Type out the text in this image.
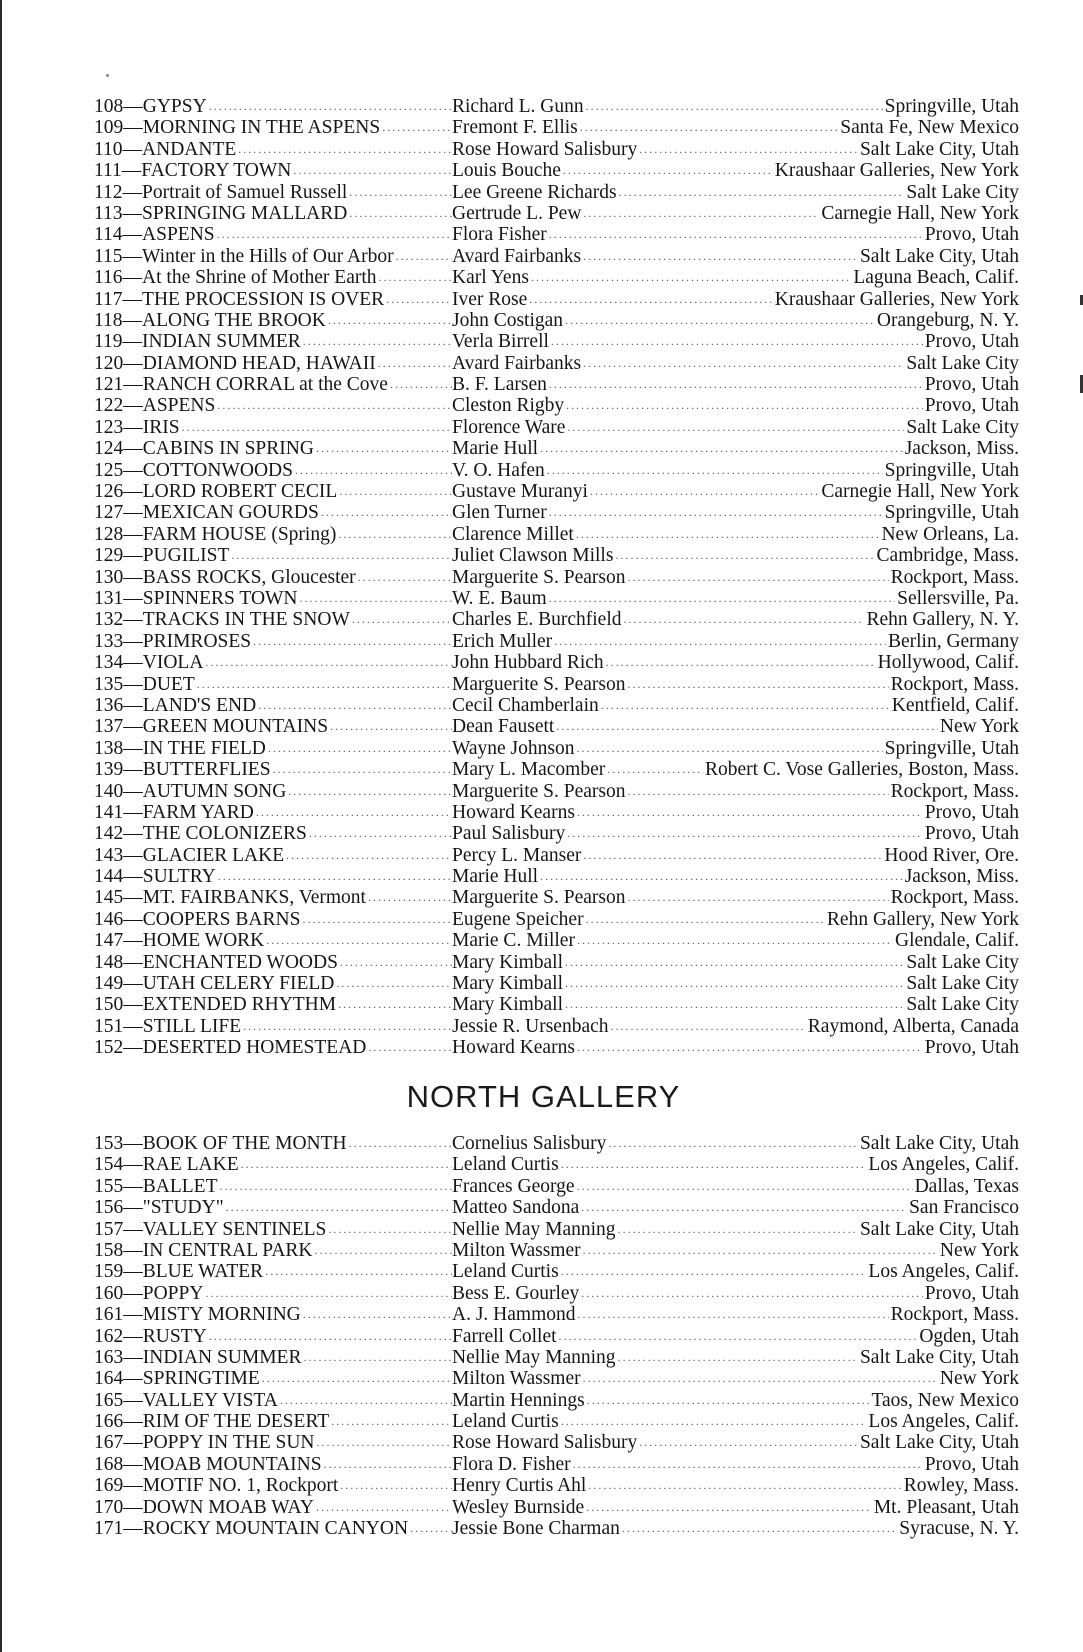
108—GYPSY .....	Richard L. Gunn .....	Springville, Utah
109—MORNING IN THE ASPENS .....	Fremont F. Ellis .....	Santa Fe, New Mexico
110—ANDANTE .....	Rose Howard Salisbury .....	Salt Lake City, Utah
111—FACTORY TOWN .....	Louis Bouche .....	Kraushaar Galleries, New York
112—Portrait of Samuel Russell .....	Lee Greene Richards .....	Salt Lake City
113—SPRINGING MALLARD .....	Gertrude L. Pew .....	Carnegie Hall, New York
114—ASPENS .....	Flora Fisher .....	Provo, Utah
115—Winter in the Hills of Our Arbor .....	Avard Fairbanks .....	Salt Lake City, Utah
116—At the Shrine of Mother Earth .....	Karl Yens .....	Laguna Beach, Calif.
117—THE PROCESSION IS OVER .....	Iver Rose .....	Kraushaar Galleries, New York
118—ALONG THE BROOK .....	John Costigan .....	Orangeburg, N. Y.
119—INDIAN SUMMER .....	Verla Birrell .....	Provo, Utah
120—DIAMOND HEAD, HAWAII .....	Avard Fairbanks .....	Salt Lake City
121—RANCH CORRAL at the Cove .....	B. F. Larsen .....	Provo, Utah
122—ASPENS .....	Cleston Rigby .....	Provo, Utah
123—IRIS .....	Florence Ware .....	Salt Lake City
124—CABINS IN SPRING .....	Marie Hull .....	Jackson, Miss.
125—COTTONWOODS .....	V. O. Hafen .....	Springville, Utah
126—LORD ROBERT CECIL .....	Gustave Muranyi .....	Carnegie Hall, New York
127—MEXICAN GOURDS .....	Glen Turner .....	Springville, Utah
128—FARM HOUSE (Spring) .....	Clarence Millet .....	New Orleans, La.
129—PUGILIST .....	Juliet Clawson Mills .....	Cambridge, Mass.
130—BASS ROCKS, Gloucester .....	Marguerite S. Pearson .....	Rockport, Mass.
131—SPINNERS TOWN .....	W. E. Baum .....	Sellersville, Pa.
132—TRACKS IN THE SNOW .....	Charles E. Burchfield .....	Rehn Gallery, N. Y.
133—PRIMROSES .....	Erich Muller .....	Berlin, Germany
134—VIOLA .....	John Hubbard Rich .....	Hollywood, Calif.
135—DUET .....	Marguerite S. Pearson .....	Rockport, Mass.
136—LAND'S END .....	Cecil Chamberlain .....	Kentfield, Calif.
137—GREEN MOUNTAINS .....	Dean Fausett .....	New York
138—IN THE FIELD .....	Wayne Johnson .....	Springville, Utah
139—BUTTERFLIES .....	Mary L. Macomber .....	Robert C. Vose Galleries, Boston, Mass.
140—AUTUMN SONG .....	Marguerite S. Pearson .....	Rockport, Mass.
141—FARM YARD .....	Howard Kearns .....	Provo, Utah
142—THE COLONIZERS .....	Paul Salisbury .....	Provo, Utah
143—GLACIER LAKE .....	Percy L. Manser .....	Hood River, Ore.
144—SULTRY .....	Marie Hull .....	Jackson, Miss.
145—MT. FAIRBANKS, Vermont .....	Marguerite S. Pearson .....	Rockport, Mass.
146—COOPERS BARNS .....	Eugene Speicher .....	Rehn Gallery, New York
147—HOME WORK .....	Marie C. Miller .....	Glendale, Calif.
148—ENCHANTED WOODS .....	Mary Kimball .....	Salt Lake City
149—UTAH CELERY FIELD .....	Mary Kimball .....	Salt Lake City
150—EXTENDED RHYTHM .....	Mary Kimball .....	Salt Lake City
151—STILL LIFE .....	Jessie R. Ursenbach .....	Raymond, Alberta, Canada
152—DESERTED HOMESTEAD .....	Howard Kearns .....	Provo, Utah
NORTH GALLERY
153—BOOK OF THE MONTH .....	Cornelius Salisbury .....	Salt Lake City, Utah
154—RAE LAKE .....	Leland Curtis .....	Los Angeles, Calif.
155—BALLET .....	Frances George .....	Dallas, Texas
156—"STUDY" .....	Matteo Sandona .....	San Francisco
157—VALLEY SENTINELS .....	Nellie May Manning .....	Salt Lake City, Utah
158—IN CENTRAL PARK .....	Milton Wassmer .....	New York
159—BLUE WATER .....	Leland Curtis .....	Los Angeles, Calif.
160—POPPY .....	Bess E. Gourley .....	Provo, Utah
161—MISTY MORNING .....	A. J. Hammond .....	Rockport, Mass.
162—RUSTY .....	Farrell Collet .....	Ogden, Utah
163—INDIAN SUMMER .....	Nellie May Manning .....	Salt Lake City, Utah
164—SPRINGTIME .....	Milton Wassmer .....	New York
165—VALLEY VISTA .....	Martin Hennings .....	Taos, New Mexico
166—RIM OF THE DESERT .....	Leland Curtis .....	Los Angeles, Calif.
167—POPPY IN THE SUN .....	Rose Howard Salisbury .....	Salt Lake City, Utah
168—MOAB MOUNTAINS .....	Flora D. Fisher .....	Provo, Utah
169—MOTIF NO. 1, Rockport .....	Henry Curtis Ahl .....	Rowley, Mass.
170—DOWN MOAB WAY .....	Wesley Burnside .....	Mt. Pleasant, Utah
171—ROCKY MOUNTAIN CANYON ..... Jessie Bone Charman .....	Syracuse, N. Y.
